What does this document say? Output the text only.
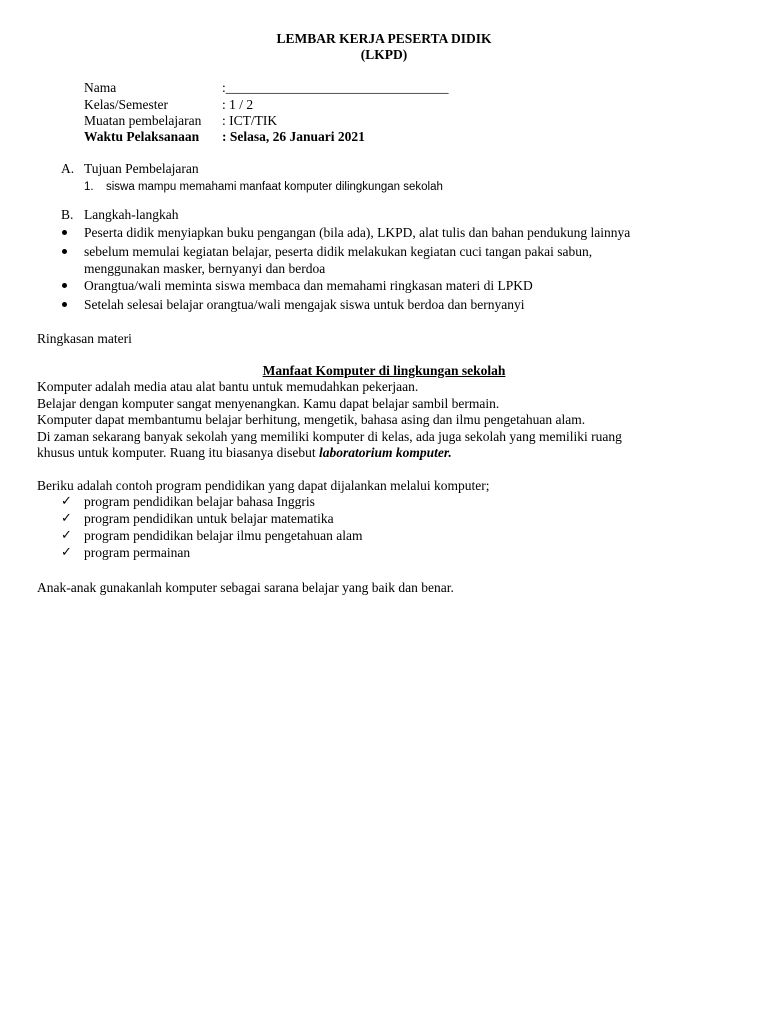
LEMBAR KERJA PESERTA DIDIK
(LKPD)
Nama	:_________________________________
Kelas/Semester	: 1 / 2
Muatan pembelajaran : ICT/TIK
Waktu Pelaksanaan : Selasa, 26 Januari 2021
A. Tujuan Pembelajaran
1. siswa mampu memahami manfaat komputer dilingkungan sekolah
B. Langkah-langkah
Peserta didik menyiapkan buku pengangan (bila ada), LKPD, alat tulis dan bahan pendukung lainnya
sebelum memulai kegiatan belajar, peserta didik melakukan kegiatan cuci tangan pakai sabun,
menggunakan masker, bernyanyi dan berdoa
Orangtua/wali meminta siswa membaca dan memahami ringkasan materi di LPKD
Setelah selesai belajar orangtua/wali mengajak siswa untuk berdoa dan bernyanyi
Ringkasan materi
Manfaat Komputer di lingkungan sekolah
Komputer adalah media atau alat bantu untuk memudahkan pekerjaan.
Belajar dengan komputer sangat menyenangkan. Kamu dapat belajar sambil bermain.
Komputer dapat membantumu belajar berhitung, mengetik, bahasa asing dan ilmu pengetahuan alam.
Di zaman sekarang banyak sekolah yang memiliki komputer di kelas, ada juga sekolah yang memiliki ruang
khusus untuk komputer. Ruang itu biasanya disebut laboratorium komputer.
Beriku adalah contoh program pendidikan yang dapat dijalankan melalui komputer;
✓ program pendidikan belajar bahasa Inggris
✓ program pendidikan untuk belajar matematika
✓ program pendidikan belajar ilmu pengetahuan alam
✓ program permainan
Anak-anak gunakanlah komputer sebagai sarana belajar yang baik dan benar.
